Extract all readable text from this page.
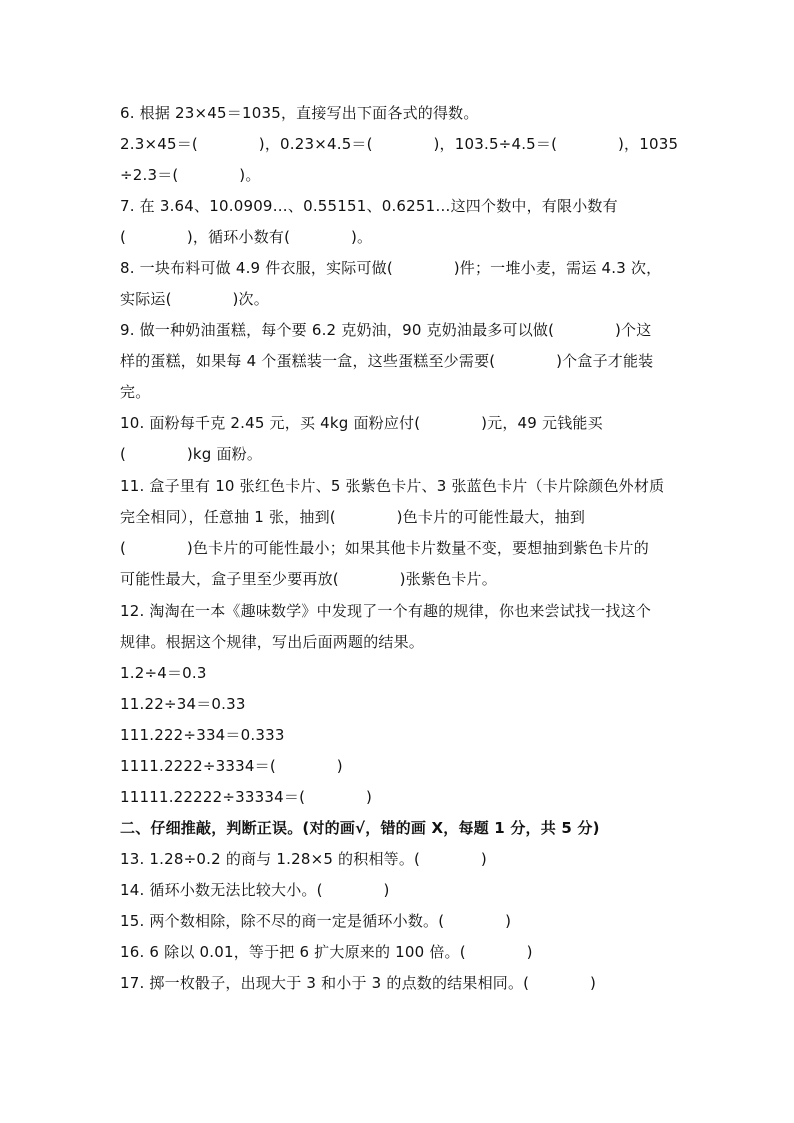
6. 根据 23×45＝1035，直接写出下面各式的得数。
2.3×45＝(　　　　)，0.23×4.5＝(　　　　)，103.5÷4.5＝(　　　　)，1035
÷2.3＝(　　　　)。
7. 在 3.64、10.0909…、0.55151、0.6251…这四个数中，有限小数有
(　　　　)，循环小数有(　　　　)。
8. 一块布料可做 4.9 件衣服，实际可做(　　　　)件；一堆小麦，需运 4.3 次，
实际运(　　　　)次。
9. 做一种奶油蛋糕，每个要 6.2 克奶油，90 克奶油最多可以做(　　　　)个这
样的蛋糕，如果每 4 个蛋糕装一盒，这些蛋糕至少需要(　　　　)个盒子才能装
完。
10. 面粉每千克 2.45 元，买 4kg 面粉应付(　　　　)元，49 元钱能买
(　　　　)kg 面粉。
11. 盒子里有 10 张红色卡片、5 张紫色卡片、3 张蓝色卡片（卡片除颜色外材质
完全相同），任意抽 1 张，抽到(　　　　)色卡片的可能性最大，抽到
(　　　　)色卡片的可能性最小；如果其他卡片数量不变，要想抽到紫色卡片的
可能性最大，盒子里至少要再放(　　　　)张紫色卡片。
12. 淘淘在一本《趣味数学》中发现了一个有趣的规律，你也来尝试找一找这个
规律。根据这个规律，写出后面两题的结果。
1.2÷4＝0.3
11.22÷34＝0.33
111.222÷334＝0.333
1111.2222÷3334＝(　　　　)
11111.22222÷33334＝(　　　　)
二、仔细推敲，判断正误。(对的画√，错的画 X，每题 1 分，共 5 分)
13. 1.28÷0.2 的商与 1.28×5 的积相等。(　　　　)
14. 循环小数无法比较大小。(　　　　)
15. 两个数相除，除不尽的商一定是循环小数。(　　　　)
16. 6 除以 0.01，等于把 6 扩大原来的 100 倍。(　　　　)
17. 掷一枚骰子，出现大于 3 和小于 3 的点数的结果相同。(　　　　)
